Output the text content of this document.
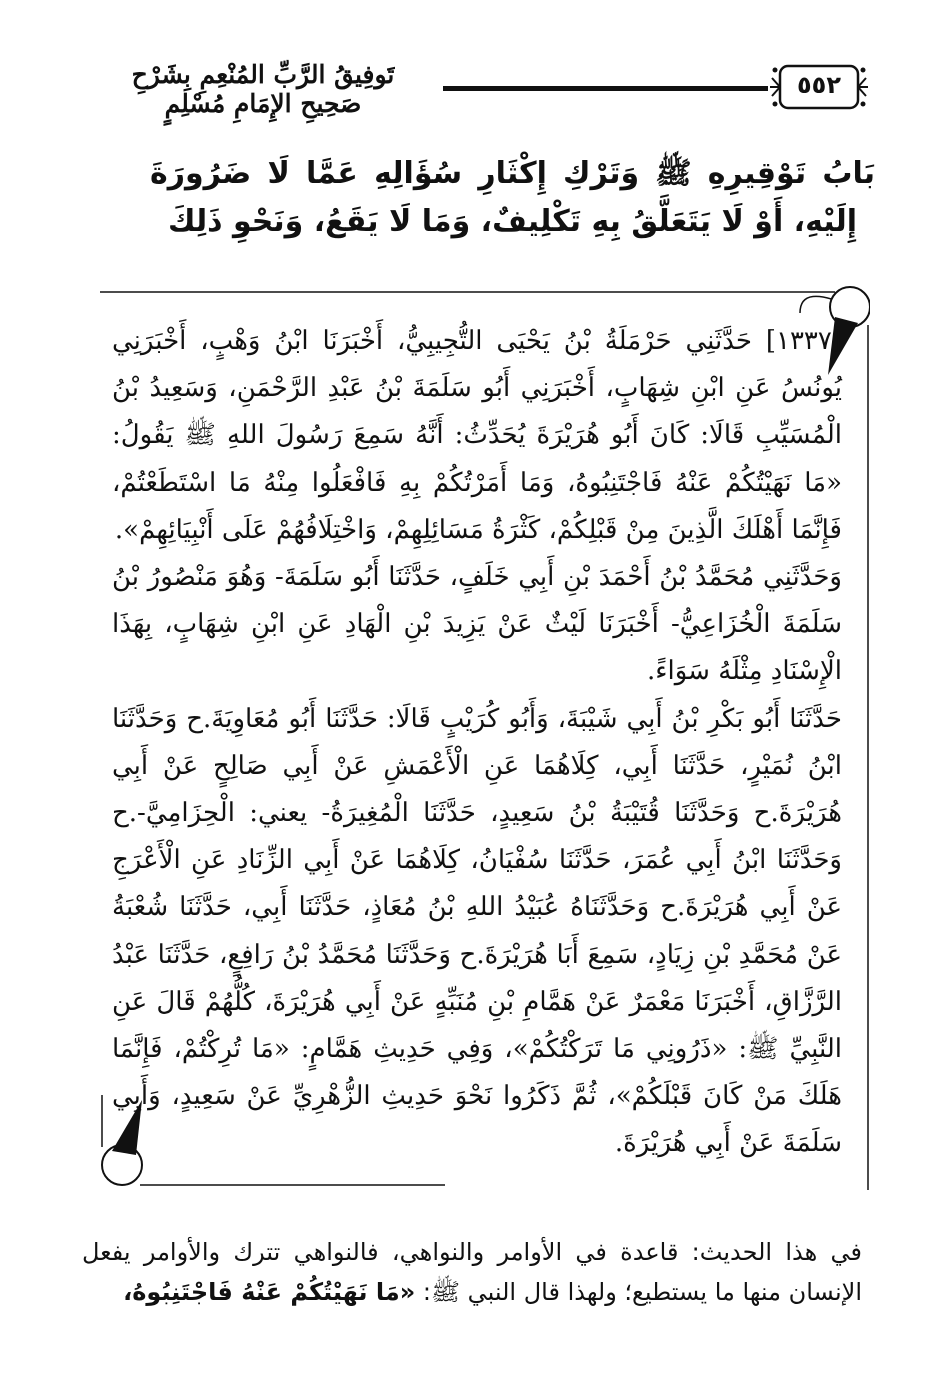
تَوفِيقُ الرَّبِّ المُنْعِمِ بِشَرْحِ صَحِيحِ الإِمَامِ مُسْلِمٍ
٥٥٢
بَابُ تَوْقِيرِهِ ﷺ وَتَرْكِ إِكْثَارِ سُؤَالِهِ عَمَّا لَا ضَرُورَةَ إِلَيْهِ، أَوْ لَا يَتَعَلَّقُ بِهِ تَكْلِيفٌ، وَمَا لَا يَقَعُ، وَنَحْوِ ذَلِكَ

[١٣٣٧] حَدَّثَنِي حَرْمَلَةُ بْنُ يَحْيَى التُّجِيبِيُّ، أَخْبَرَنَا ابْنُ وَهْبٍ، أَخْبَرَنِي يُونُسُ عَنِ ابْنِ شِهَابٍ، أَخْبَرَنِي أَبُو سَلَمَةَ بْنُ عَبْدِ الرَّحْمَنِ، وَسَعِيدُ بْنُ الْمُسَيِّبِ قَالَا: كَانَ أَبُو هُرَيْرَةَ يُحَدِّثُ: أَنَّهُ سَمِعَ رَسُولَ اللهِ ﷺ يَقُولُ: «مَا نَهَيْتُكُمْ عَنْهُ فَاجْتَنِبُوهُ، وَمَا أَمَرْتُكُمْ بِهِ فَافْعَلُوا مِنْهُ مَا اسْتَطَعْتُمْ، فَإِنَّمَا أَهْلَكَ الَّذِينَ مِنْ قَبْلِكُمْ، كَثْرَةُ مَسَائِلِهِمْ، وَاخْتِلَافُهُمْ عَلَى أَنْبِيَائِهِمْ».

وَحَدَّثَنِي مُحَمَّدُ بْنُ أَحْمَدَ بْنِ أَبِي خَلَفٍ، حَدَّثَنَا أَبُو سَلَمَةَ- وَهُوَ مَنْصُورُ بْنُ سَلَمَةَ الْخُزَاعِيُّ- أَخْبَرَنَا لَيْثٌ عَنْ يَزِيدَ بْنِ الْهَادِ عَنِ ابْنِ شِهَابٍ، بِهَذَا الْإِسْنَادِ مِثْلَهُ سَوَاءً.

حَدَّثَنَا أَبُو بَكْرِ بْنُ أَبِي شَيْبَةَ، وَأَبُو كُرَيْبٍ قَالَا: حَدَّثَنَا أَبُو مُعَاوِيَةَ.ح وَحَدَّثَنَا ابْنُ نُمَيْرٍ، حَدَّثَنَا أَبِي، كِلَاهُمَا عَنِ الْأَعْمَشِ عَنْ أَبِي صَالِحٍ عَنْ أَبِي هُرَيْرَةَ.ح وَحَدَّثَنَا قُتَيْبَةُ بْنُ سَعِيدٍ، حَدَّثَنَا الْمُغِيرَةُ- يعني: الْحِزَامِيَّ-.ح وَحَدَّثَنَا ابْنُ أَبِي عُمَرَ، حَدَّثَنَا سُفْيَانُ، كِلَاهُمَا عَنْ أَبِي الزِّنَادِ عَنِ الْأَعْرَجِ عَنْ أَبِي هُرَيْرَةَ.ح وَحَدَّثَنَاهُ عُبَيْدُ اللهِ بْنُ مُعَاذٍ، حَدَّثَنَا أَبِي، حَدَّثَنَا شُعْبَةُ عَنْ مُحَمَّدِ بْنِ زِيَادٍ، سَمِعَ أَبَا هُرَيْرَةَ.ح وَحَدَّثَنَا مُحَمَّدُ بْنُ رَافِعٍ، حَدَّثَنَا عَبْدُ الرَّزَّاقِ، أَخْبَرَنَا مَعْمَرٌ عَنْ هَمَّامِ بْنِ مُنَبِّهٍ عَنْ أَبِي هُرَيْرَةَ، كُلُّهُمْ قَالَ عَنِ النَّبِيِّ ﷺ: «ذَرُونِي مَا تَرَكْتُكُمْ»، وَفِي حَدِيثِ هَمَّامٍ: «مَا تُرِكْتُمْ، فَإِنَّمَا هَلَكَ مَنْ كَانَ قَبْلَكُمْ»، ثُمَّ ذَكَرُوا نَحْوَ حَدِيثِ الزُّهْرِيِّ عَنْ سَعِيدٍ، وَأَبِي سَلَمَةَ عَنْ أَبِي هُرَيْرَةَ.

في هذا الحديث: قاعدة في الأوامر والنواهي، فالنواهي تترك والأوامر يفعل الإنسان منها ما يستطيع؛ ولهذا قال النبي ﷺ: «مَا نَهَيْتُكُمْ عَنْهُ فَاجْتَنِبُوهُ،
